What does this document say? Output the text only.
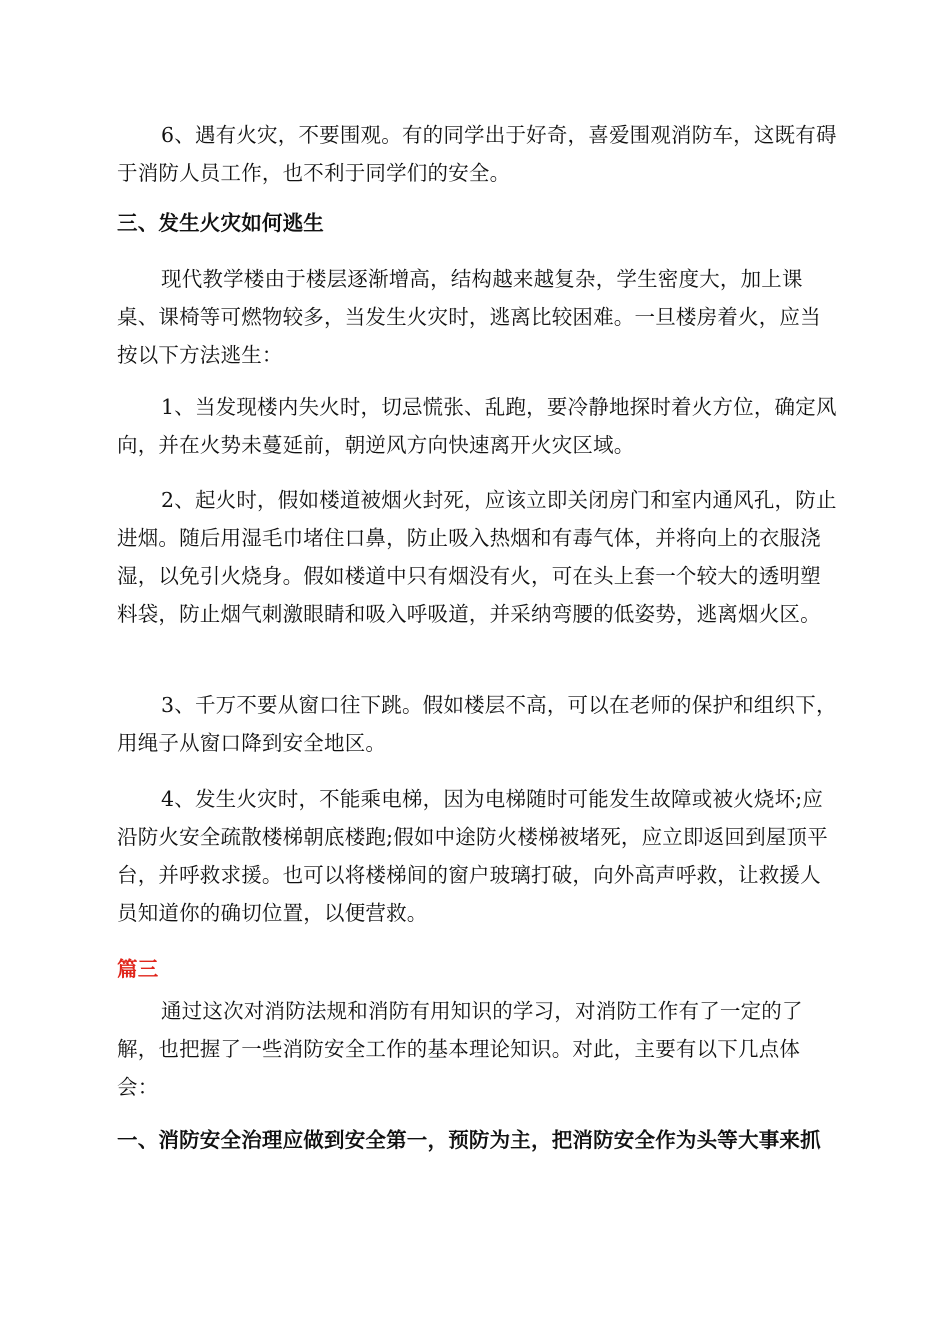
6、遇有火灾，不要围观。有的同学出于好奇，喜爱围观消防车，这既有碍于消防人员工作，也不利于同学们的安全。

三、发生火灾如何逃生

现代教学楼由于楼层逐渐增高，结构越来越复杂，学生密度大，加上课桌、课椅等可燃物较多，当发生火灾时，逃离比较困难。一旦楼房着火，应当按以下方法逃生：

1、当发现楼内失火时，切忌慌张、乱跑，要冷静地探时着火方位，确定风向，并在火势未蔓延前，朝逆风方向快速离开火灾区域。

2、起火时，假如楼道被烟火封死，应该立即关闭房门和室内通风孔，防止进烟。随后用湿毛巾堵住口鼻，防止吸入热烟和有毒气体，并将向上的衣服浇湿，以免引火烧身。假如楼道中只有烟没有火，可在头上套一个较大的透明塑料袋，防止烟气刺激眼睛和吸入呼吸道，并采纳弯腰的低姿势，逃离烟火区。

3、千万不要从窗口往下跳。假如楼层不高，可以在老师的保护和组织下，用绳子从窗口降到安全地区。

4、发生火灾时，不能乘电梯，因为电梯随时可能发生故障或被火烧坏;应沿防火安全疏散楼梯朝底楼跑;假如中途防火楼梯被堵死，应立即返回到屋顶平台，并呼救求援。也可以将楼梯间的窗户玻璃打破，向外高声呼救，让救援人员知道你的确切位置，以便营救。

篇三

通过这次对消防法规和消防有用知识的学习，对消防工作有了一定的了解，也把握了一些消防安全工作的基本理论知识。对此，主要有以下几点体会：

一、消防安全治理应做到安全第一，预防为主，把消防安全作为头等大事来抓
